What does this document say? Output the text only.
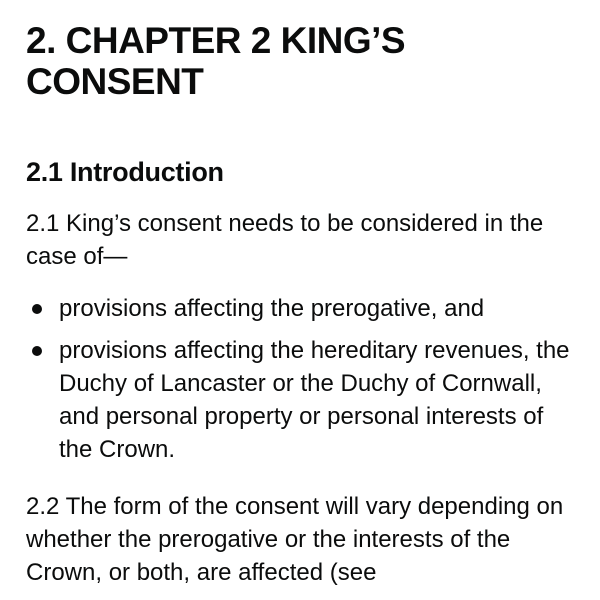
2. CHAPTER 2 KING’S CONSENT
2.1 Introduction

2.1 King’s consent needs to be considered in the case of—

provisions affecting the prerogative, and
provisions affecting the hereditary revenues, the Duchy of Lancaster or the Duchy of Cornwall, and personal property or personal interests of the Crown.

2.2 The form of the consent will vary depending on whether the prerogative or the interests of the Crown, or both, are affected (see
